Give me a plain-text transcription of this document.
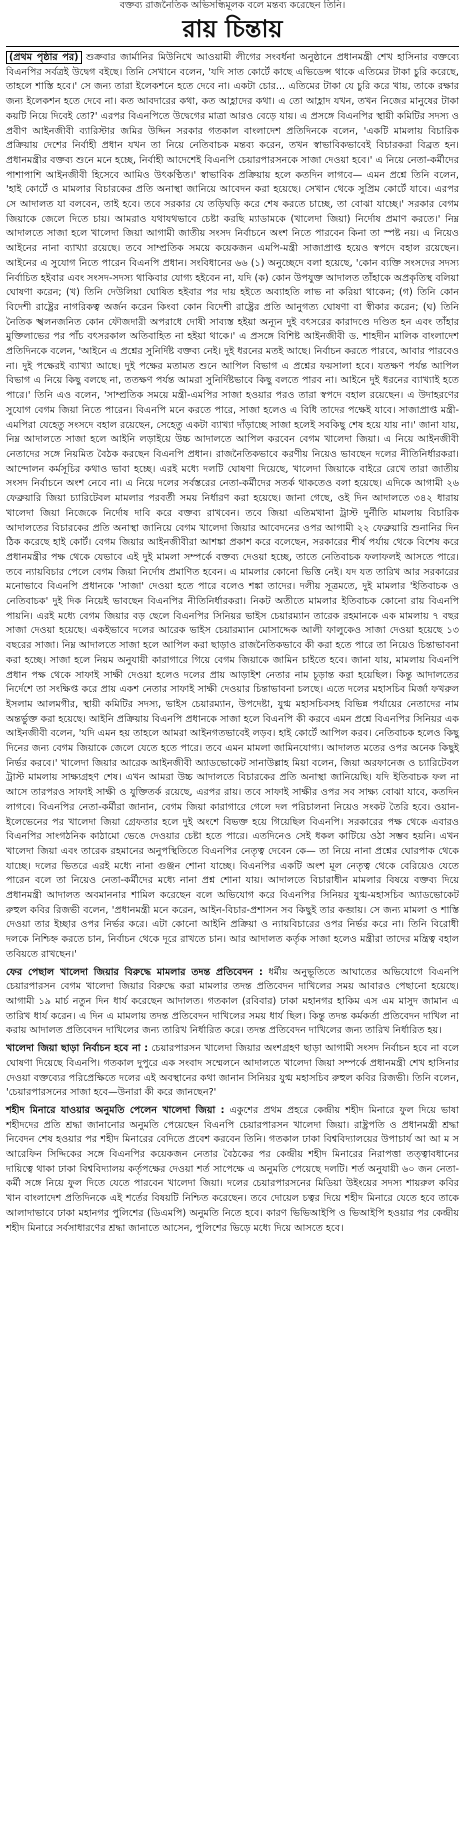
বক্তব্য রাজনৈতিক অভিসন্ধিমূলক বলে মন্তব্য করেছেন তিনি।
রায় চিন্তায়

(প্রথম পৃষ্ঠার পর) শুক্রবার জার্মানির মিউনিখে আওয়ামী লীগের সংবর্ধনা অনুষ্ঠানে প্রধানমন্ত্রী শেখ হাসিনার বক্তব্যে বিএনপির সর্বত্রই উদ্বেগ বইছে। তিনি সেখানে বলেন, 'যদি সাত কোর্টে কাছে এভিডেন্স থাকে এতিমের টাকা চুরি করেছে, তাহলে শাস্তি হবে।' সে জন্য তারা ইলেকশনে হতে দেবে না। একটা চোর... এতিমের টাকা যে চুরি করে খায়, তাকে রক্ষার জন্য ইলেকশন হতে দেবে না। কত আবদারের কথা, কত আহ্লাদের কথা। এ তো আহ্লাদ যখন, তখন নিজের মানুষের টাকা কয়টি নিয়ে দিবেই তো?' এরপর বিএনপিতে উদ্বেগের মাত্রা আরও বেড়ে যায়। এ প্রসঙ্গে বিএনপির স্থায়ী কমিটির সদস্য ও প্রবীণ আইনজীবী ব্যারিস্টার জমির উদ্দিন সরকার গতকাল বাংলাদেশ প্রতিদিনকে বলেন, 'একটি মামলায় বিচারিক প্রক্রিয়ায় দেশের নির্বাহী প্রধান যখন তা নিয়ে নেতিবাচক মন্তব্য করেন, তখন স্বাভাবিকভাবেই বিচারকরা বিব্রত হন। প্রধানমন্ত্রীর বক্তব্য শুনে মনে হচ্ছে, নির্বাহী আদেশেই বিএনপি চেয়ারপারসনকে সাজা দেওয়া হবে।' এ নিয়ে নেতা-কর্মীদের পাশাপাশি আইনজীবী হিসেবে আমিও উৎকণ্ঠিত।' স্বাভাবিক প্রক্রিয়ায় হলে কতদিন লাগবে— এমন প্রশ্নে তিনি বলেন, 'হাই কোর্টে ও মামলার বিচারকের প্রতি অনাস্থা জানিয়ে আবেদন করা হয়েছে। সেখান থেকে সুপ্রিম কোর্টে যাবে। এরপর সে আদালত যা বলবেন, তাই হবে। তবে সরকার যে তড়িঘড়ি করে শেষ করতে চাচ্ছে, তা বোঝা যাচ্ছে।' সরকার বেগম জিয়াকে জেলে দিতে চায়। আমরাও যথাযথভাবে চেষ্টা করছি ম্যাডামকে (খালেদা জিয়া) নির্দোষ প্রমাণ করতে।' নিম্ন আদালতে সাজা হলে খালেদা জিয়া আগামী জাতীয় সংসদ নির্বাচনে অংশ নিতে পারবেন কিনা তা স্পষ্ট নয়। এ নিয়েও আইনের নানা ব্যাখ্যা রয়েছে। তবে সাম্প্রতিক সময়ে কয়েকজন এমপি-মন্ত্রী সাজাপ্রাপ্ত হয়েও স্বপদে বহাল রয়েছেন। আইনের এ সুযোগ নিতে পারেন বিএনপি প্রধান। সংবিধানের ৬৬ (১) অনুচ্ছেদে বলা হয়েছে, 'কোন ব্যক্তি সংসদের সদস্য নির্বাচিত হইবার এবং সংসদ-সদস্য থাকিবার যোগ্য হইবেন না, যদি (ক) কোন উপযুক্ত আদালত তাঁহাকে অপ্রকৃতিস্থ বলিয়া ঘোষণা করেন; (খ) তিনি দেউলিয়া ঘোষিত হইবার পর দায় হইতে অব্যাহতি লাভ না করিয়া থাকেন; (গ) তিনি কোন বিদেশী রাষ্ট্রের নাগরিকত্ব অর্জন করেন কিংবা কোন বিদেশী রাষ্ট্রের প্রতি আনুগত্য ঘোষণা বা স্বীকার করেন; (ঘ) তিনি নৈতিক স্খলনজনিত কোন ফৌজদারী অপরাধে দোষী সাব্যস্ত হইয়া অন্যূন দুই বৎসরের কারাদণ্ডে দণ্ডিত হন এবং তাঁহার মুক্তিলাভের পর পাঁচ বৎসরকাল অতিবাহিত না হইয়া থাকে।' এ প্রসঙ্গে বিশিষ্ট আইনজীবী ড. শাহদীন মালিক বাংলাদেশ প্রতিদিনকে বলেন, 'আইনে এ প্রশ্নের সুনির্দিষ্ট বক্তব্য নেই। দুই ধরনের মতই আছে। নির্বাচন করতে পারবে, আবার পারবেও না। দুই পক্ষেরই ব্যাখ্যা আছে। দুই পক্ষের মতামত শুনে আপিল বিভাগ এ প্রশ্নের ফয়সালা হবে। যতক্ষণ পর্যন্ত আপিল বিভাগ এ নিয়ে কিছু বলছে না, ততক্ষণ পর্যন্ত আমরা সুনির্দিষ্টভাবে কিছু বলতে পারব না। আইনে দুই ধরনের ব্যাখ্যাই হতে পারে।' তিনি এও বলেন, 'সাম্প্রতিক সময়ে মন্ত্রী-এমপির সাজা হওয়ার পরও তারা স্বপদে বহাল রয়েছেন। এ উদাহরণের সুযোগ বেগম জিয়া নিতে পারেন। বিএনপি মনে করতে পারে, সাজা হলেও এ বিধি তাদের পক্ষেই যাবে। সাজাপ্রাপ্ত মন্ত্রী-এমপিরা যেহেতু সংসদে বহাল রয়েছেন, সেহেতু একটা ব্যাখ্যা দাঁড়াচ্ছে সাজা হলেই সবকিছু শেষ হয়ে যায় না।' জানা যায়, নিম্ন আদালতে সাজা হলে আইনি লড়াইয়ে উচ্চ আদালতে আপিল করবেন বেগম খালেদা জিয়া। এ নিয়ে আইনজীবী নেতাদের সঙ্গে নিয়মিত বৈঠক করছেন বিএনপি প্রধান। রাজনৈতিকভাবে করণীয় নিয়েও ভাবছেন দলের নীতিনির্ধারকরা। আন্দোলন কর্মসূচির কথাও ভাবা হচ্ছে। এরই মধ্যে দলটি ঘোষণা দিয়েছে, খালেদা জিয়াকে বাইরে রেখে তারা জাতীয় সংসদ নির্বাচনে অংশ নেবে না। এ নিয়ে দলের সর্বস্তরের নেতা-কর্মীদের সতর্ক থাকতেও বলা হয়েছে। এদিকে আগামী ২৬ ফেব্রুয়ারি জিয়া চ্যারিটেবল মামলার পরবর্তী সময় নির্ধারণ করা হয়েছে। জানা গেছে, ওই দিন আদালতে ৩৪২ ধারায় খালেদা জিয়া নিজেকে নির্দোষ দাবি করে বক্তব্য রাখবেন। তবে জিয়া এতিমখানা ট্রাস্ট দুর্নীতি মামলায় বিচারিক আদালতের বিচারকের প্রতি অনাস্থা জানিয়ে বেগম খালেদা জিয়ার আবেদনের ওপর আগামী ২২ ফেব্রুয়ারি শুনানির দিন ঠিক করেছে হাই কোর্ট। বেগম জিয়ার আইনজীবীরা আশঙ্কা প্রকাশ করে বলেছেন, সরকারের শীর্ষ পর্যায় থেকে বিশেষ করে প্রধানমন্ত্রীর পক্ষ থেকে যেভাবে এই দুই মামলা সম্পর্কে বক্তব্য দেওয়া হচ্ছে, তাতে নেতিবাচক ফলাফলই আসতে পারে। তবে ন্যায়বিচার পেলে বেগম জিয়া নির্দোষ প্রমাণিত হবেন। এ মামলার কোনো ভিত্তি নেই। যদ যত তারিখ আর সরকারের মনোভাবে বিএনপি প্রধানকে 'সাজা' দেওয়া হতে পারে বলেও শঙ্কা তাদের। দলীয় সূত্রমতে, দুই মামলার 'ইতিবাচক ও নেতিবাচক' দুই দিক নিয়েই ভাবছেন বিএনপির নীতিনির্ধারকরা। নিকট অতীতে মামলার ইতিবাচক কোনো রায় বিএনপি পায়নি। এরই মধ্যে বেগম জিয়ার বড় ছেলে বিএনপির সিনিয়র ভাইস চেয়ারম্যান তারেক রহমানকে এক মামলায় ৭ বছর সাজা দেওয়া হয়েছে। একইভাবে দলের আরেক ভাইস চেয়ারম্যান মোসাদ্দেক আলী ফালুকেও সাজা দেওয়া হয়েছে ১৩ বছরের সাজা। নিম্ন আদালতে সাজা হলে আপিল করা ছাড়াও রাজনৈতিকভাবে কী করা হতে পারে তা নিয়েও চিন্তাভাবনা করা হচ্ছে। সাজা হলে নিয়ম অনুযায়ী কারাগারে গিয়ে বেগম জিয়াকে জামিন চাইতে হবে। জানা যায়, মামলায় বিএনপি প্রধান পক্ষ থেকে সাফাই সাক্ষী দেওয়া হলেও দলের প্রায় আড়াইশ নেতার নাম চূড়ান্ত করা হয়েছিল। কিন্তু আদালতের নির্দেশে তা সংক্ষিপ্ত করে প্রায় একশ নেতার সাফাই সাক্ষী দেওয়ার চিন্তাভাবনা চলছে। এতে দলের মহাসচিব মির্জা ফখরুল ইসলাম আলমগীর, স্থায়ী কমিটির সদস্য, ভাইস চেয়ারম্যান, উপদেষ্টা, যুগ্ম মহাসচিবসহ বিভিন্ন পর্যায়ের নেতাদের নাম অন্তর্ভুক্ত করা হয়েছে। আইনি প্রক্রিয়ায় বিএনপি প্রধানকে সাজা হলে বিএনপি কী করবে এমন প্রশ্নে বিএনপির সিনিয়র এক আইনজীবী বলেন, 'যদি এমন হয় তাহলে আমরা আইনগতভাবেই লড়ব। হাই কোর্টে আপিল করব। নেতিবাচক হলেও কিছু দিনের জন্য বেগম জিয়াকে জেলে যেতে হতে পারে। তবে এমন মামলা জামিনযোগ্য। আদালত মতের ওপর অনেক কিছুই নির্ভর করবে।' খালেদা জিয়ার আরেক আইনজীবী অ্যাডভোকেট সানাউল্লাহ মিয়া বলেন, জিয়া অরফানেজ ও চ্যারিটেবল ট্রাস্ট মামলায় সাক্ষ্যগ্রহণ শেষ। এখন আমরা উচ্চ আদালতে বিচারকের প্রতি অনাস্থা জানিয়েছি। যদি ইতিবাচক ফল না আসে তারপরও সাফাই সাক্ষী ও যুক্তিতর্ক রয়েছে, এরপর রায়। তবে সাফাই সাক্ষীর ওপর সব সাক্ষ্য বোঝা যাবে, কতদিন লাগবে। বিএনপির নেতা-কর্মীরা জানান, বেগম জিয়া কারাগারে গেলে দল পরিচালনা নিয়েও সংকট তৈরি হবে। ওয়ান-ইলেভেনের পর খালেদা জিয়া গ্রেফতার হলে দুই অংশে বিভক্ত হয়ে গিয়েছিল বিএনপি। সরকারের পক্ষ থেকে এবারও বিএনপির সাংগঠনিক কাঠামো ভেঙে দেওয়ার চেষ্টা হতে পারে। এতদিনেও সেই ধকল কাটিয়ে ওঠা সম্ভব হয়নি। এখন খালেদা জিয়া এবং তারেক রহমানের অনুপস্থিতিতে বিএনপির নেতৃত্ব দেবেন কে— তা নিয়ে নানা প্রশ্নের ঘোরপাক থেকে যাচ্ছে। দলের ভিতরে এরই মধ্যে নানা গুঞ্জন শোনা যাচ্ছে। বিএনপির একটি অংশ মূল নেতৃত্ব থেকে বেরিয়েও যেতে পারেন বলে তা নিয়েও নেতা-কর্মীদের মধ্যে নানা প্রশ্ন শোনা যায়। আদালতে বিচারাধীন মামলার বিষয়ে বক্তব্য দিয়ে প্রধানমন্ত্রী আদালত অবমাননার শামিল করেছেন বলে অভিযোগ করে বিএনপির সিনিয়র যুগ্ম-মহাসচিব অ্যাডভোকেট রুহুল কবির রিজভী বলেন, 'প্রধানমন্ত্রী মনে করেন, আইন-বিচার-প্রশাসন সব কিছুই তার কব্জায়। সে জন্য মামলা ও শাস্তি দেওয়া তার ইচ্ছার ওপর নির্ভর করে। এটা কোনো আইনি প্রক্রিয়া ও ন্যায়বিচারের ওপর নির্ভর করে না। তিনি বিরোধী দলকে নিশ্চিহ্ন করতে চান, নির্বাচন থেকে দূরে রাখতে চান। আর আদালত কর্তৃক সাজা হলেও মন্ত্রীরা তাদের মন্ত্রিত্ব বহাল তবিয়তে রাখছেন।'

ফের পেছাল খালেদা জিয়ার বিরুদ্ধে মামলার তদন্ত প্রতিবেদন : ধর্মীয় অনুভূতিতে আঘাতের অভিযোগে বিএনপি চেয়ারপারসন বেগম খালেদা জিয়ার বিরুদ্ধে করা মামলার তদন্ত প্রতিবেদন দাখিলের সময় আবারও পেছানো হয়েছে। আগামী ১৯ মার্চ নতুন দিন ধার্য করেছেন আদালত। গতকাল (রবিবার) ঢাকা মহানগর হাকিম এস এম মাসুদ জামান এ তারিখ ধার্য করেন। এ দিন এ মামলায় তদন্ত প্রতিবেদন দাখিলের সময় ধার্য ছিল। কিন্তু তদন্ত কর্মকর্তা প্রতিবেদন দাখিল না করায় আদালত প্রতিবেদন দাখিলের জন্য তারিখ নির্ধারিত করে। তদন্ত প্রতিবেদন দাখিলের জন্য তারিখ নির্ধারিত হয়।

খালেদা জিয়া ছাড়া নির্বাচন হবে না : চেয়ারপারসন খালেদা জিয়ার অংশগ্রহণ ছাড়া আগামী সংসদ নির্বাচন হবে না বলে ঘোষণা দিয়েছে বিএনপি। গতকাল দুপুরে এক সংবাদ সম্মেলনে আদালতে খালেদা জিয়া সম্পর্কে প্রধানমন্ত্রী শেখ হাসিনার দেওয়া বক্তব্যের পরিপ্রেক্ষিতে দলের এই অবস্থানের কথা জানান সিনিয়র যুগ্ম মহাসচিব রুহুল কবির রিজভী। তিনি বলেন, 'চেয়ারপারসনের সাজা হবে—উনারা কী করে জানছেন?'

শহীদ মিনারে যাওয়ার অনুমতি পেলেন খালেদা জিয়া : একুশের প্রথম প্রহরে কেন্দ্রীয় শহীদ মিনারে ফুল দিয়ে ভাষা শহীদদের প্রতি শ্রদ্ধা জানানোর অনুমতি পেয়েছেন বিএনপি চেয়ারপারসন খালেদা জিয়া। রাষ্ট্রপতি ও প্রধানমন্ত্রী শ্রদ্ধা নিবেদন শেষ হওয়ার পর শহীদ মিনারের বেদিতে প্রবেশ করবেন তিনি। গতকাল ঢাকা বিশ্ববিদ্যালয়ের উপাচার্য আ আ ম স আরেফিন সিদ্দিকের সঙ্গে বিএনপির কয়েকজন নেতার বৈঠকের পর কেন্দ্রীয় শহীদ মিনারের নিরাপত্তা তত্ত্বাবধানের দায়িত্বে থাকা ঢাকা বিশ্ববিদ্যালয় কর্তৃপক্ষের দেওয়া শর্ত সাপেক্ষে এ অনুমতি পেয়েছে দলটি। শর্ত অনুযায়ী ৬০ জন নেতা-কর্মী সঙ্গে নিয়ে ফুল দিতে যেতে পারবেন খালেদা জিয়া। দলের চেয়ারপারসনের মিডিয়া উইংয়ের সদস্য শায়রুল কবির খান বাংলাদেশ প্রতিদিনকে এই শর্তের বিষয়টি নিশ্চিত করেছেন। তবে দোয়েল চত্বর দিয়ে শহীদ মিনারে যেতে হবে তাকে আলাদাভাবে ঢাকা মহানগর পুলিশের (ডিএমপি) অনুমতি নিতে হবে। কারণ ভিভিআইপি ও ভিআইপি হওয়ার পর কেন্দ্রীয় শহীদ মিনারে সর্বসাধারণের শ্রদ্ধা জানাতে আসেন, পুলিশের ভিড়ে মধ্যে দিয়ে আসতে হবে।
